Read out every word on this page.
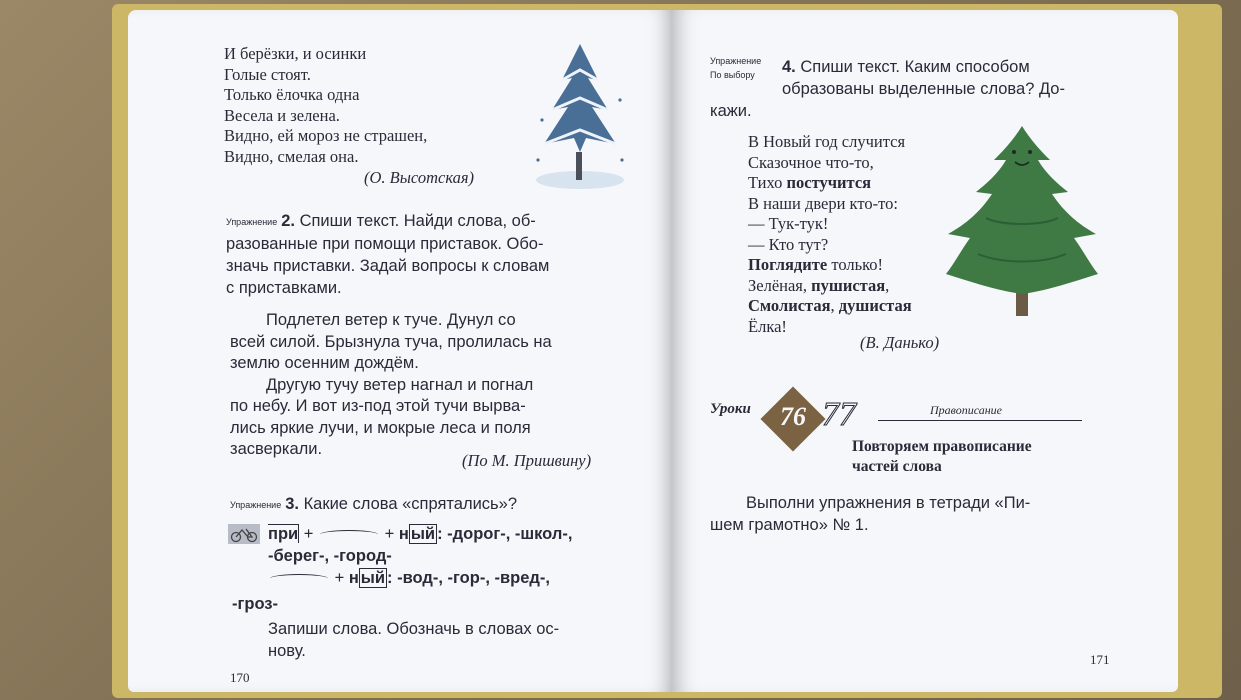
И берёзки, и осинки
Голые стоят.
Только ёлочка одна
Весела и зелена.
Видно, ей мороз не страшен,
Видно, смелая она.
(О. Высотская)
Упражнение 2. Спиши текст. Найди слова, об-
разованные при помощи приставок. Обо-
значь приставки. Задай вопросы к словам
с приставками.
Подлетел ветер к туче. Дунул со
всей силой. Брызнула туча, пролилась на
землю осенним дождём.
Другую тучу ветер нагнал и погнал
по небу. И вот из-под этой тучи вырва-
лись яркие лучи, и мокрые леса и поля
засверкали.
(По М. Пришвину)
Упражнение 3. Какие слова «спрятались»?
при +	+ н ый : -дорог-, -школ-,
-берег-, -город-
+ н ый : -вод-, -гор-, -вред-,
-гроз-
Запиши слова. Обозначь в словах ос-
нову.
170
Упражнение
По выбору	4. Спиши текст. Каким способом
образованы выделенные слова? До-
кажи.
В Новый год случится
Сказочное что-то,
Тихо постучится
В наши двери кто-то:
— Тук-тук!
— Кто тут?
Поглядите только!
Зелёная, пушистая,
Смолистая, душистая
Ёлка!
(В. Данько)
Уроки	76 77	Правописание
Повторяем правописание
частей слова
Выполни упражнения в тетради «Пи-
шем грамотно» № 1.
171
